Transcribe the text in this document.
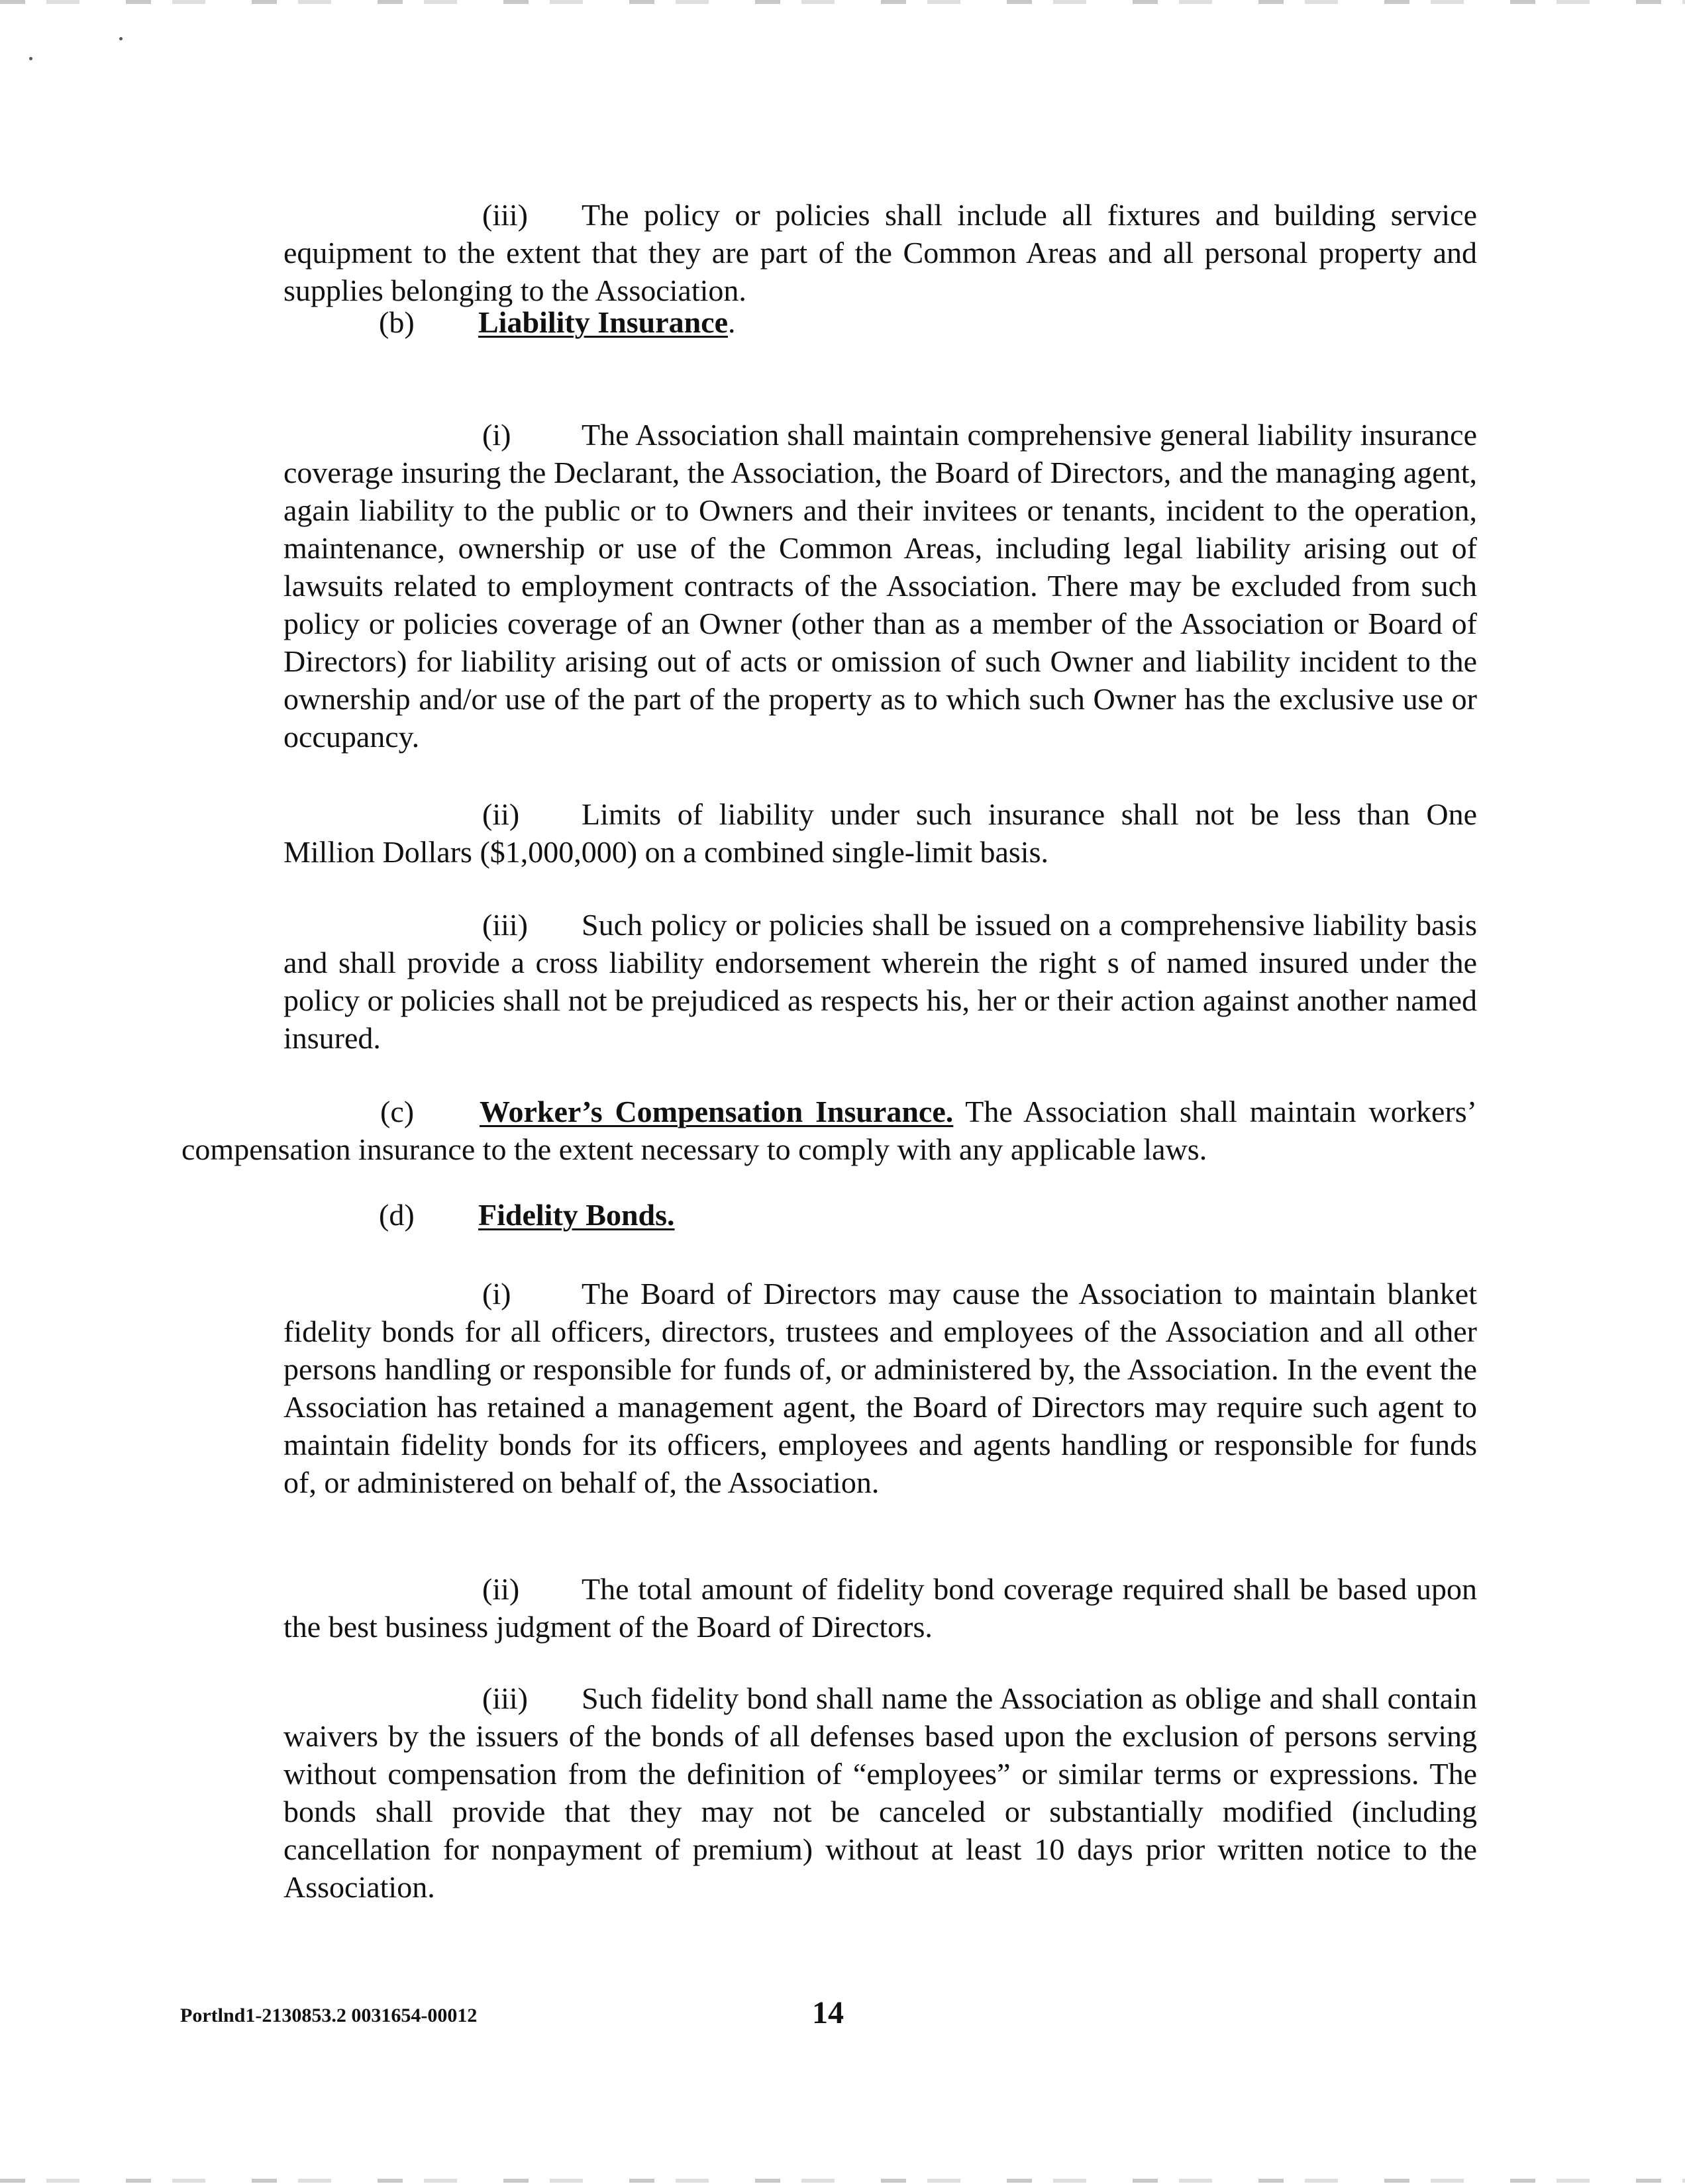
(iii) The policy or policies shall include all fixtures and building service equipment to the extent that they are part of the Common Areas and all personal property and supplies belonging to the Association.

(b) Liability Insurance.

(i) The Association shall maintain comprehensive general liability insurance coverage insuring the Declarant, the Association, the Board of Directors, and the managing agent, again liability to the public or to Owners and their invitees or tenants, incident to the operation, maintenance, ownership or use of the Common Areas, including legal liability arising out of lawsuits related to employment contracts of the Association. There may be excluded from such policy or policies coverage of an Owner (other than as a member of the Association or Board of Directors) for liability arising out of acts or omission of such Owner and liability incident to the ownership and/or use of the part of the property as to which such Owner has the exclusive use or occupancy.

(ii) Limits of liability under such insurance shall not be less than One Million Dollars ($1,000,000) on a combined single-limit basis.

(iii) Such policy or policies shall be issued on a comprehensive liability basis and shall provide a cross liability endorsement wherein the right s of named insured under the policy or policies shall not be prejudiced as respects his, her or their action against another named insured.

(c) Worker’s Compensation Insurance. The Association shall maintain workers’ compensation insurance to the extent necessary to comply with any applicable laws.

(d) Fidelity Bonds.

(i) The Board of Directors may cause the Association to maintain blanket fidelity bonds for all officers, directors, trustees and employees of the Association and all other persons handling or responsible for funds of, or administered by, the Association. In the event the Association has retained a management agent, the Board of Directors may require such agent to maintain fidelity bonds for its officers, employees and agents handling or responsible for funds of, or administered on behalf of, the Association.

(ii) The total amount of fidelity bond coverage required shall be based upon the best business judgment of the Board of Directors.

(iii) Such fidelity bond shall name the Association as oblige and shall contain waivers by the issuers of the bonds of all defenses based upon the exclusion of persons serving without compensation from the definition of “employees” or similar terms or expressions. The bonds shall provide that they may not be canceled or substantially modified (including cancellation for nonpayment of premium) without at least 10 days prior written notice to the Association.

Portlnd1-2130853.2 0031654-00012	14
